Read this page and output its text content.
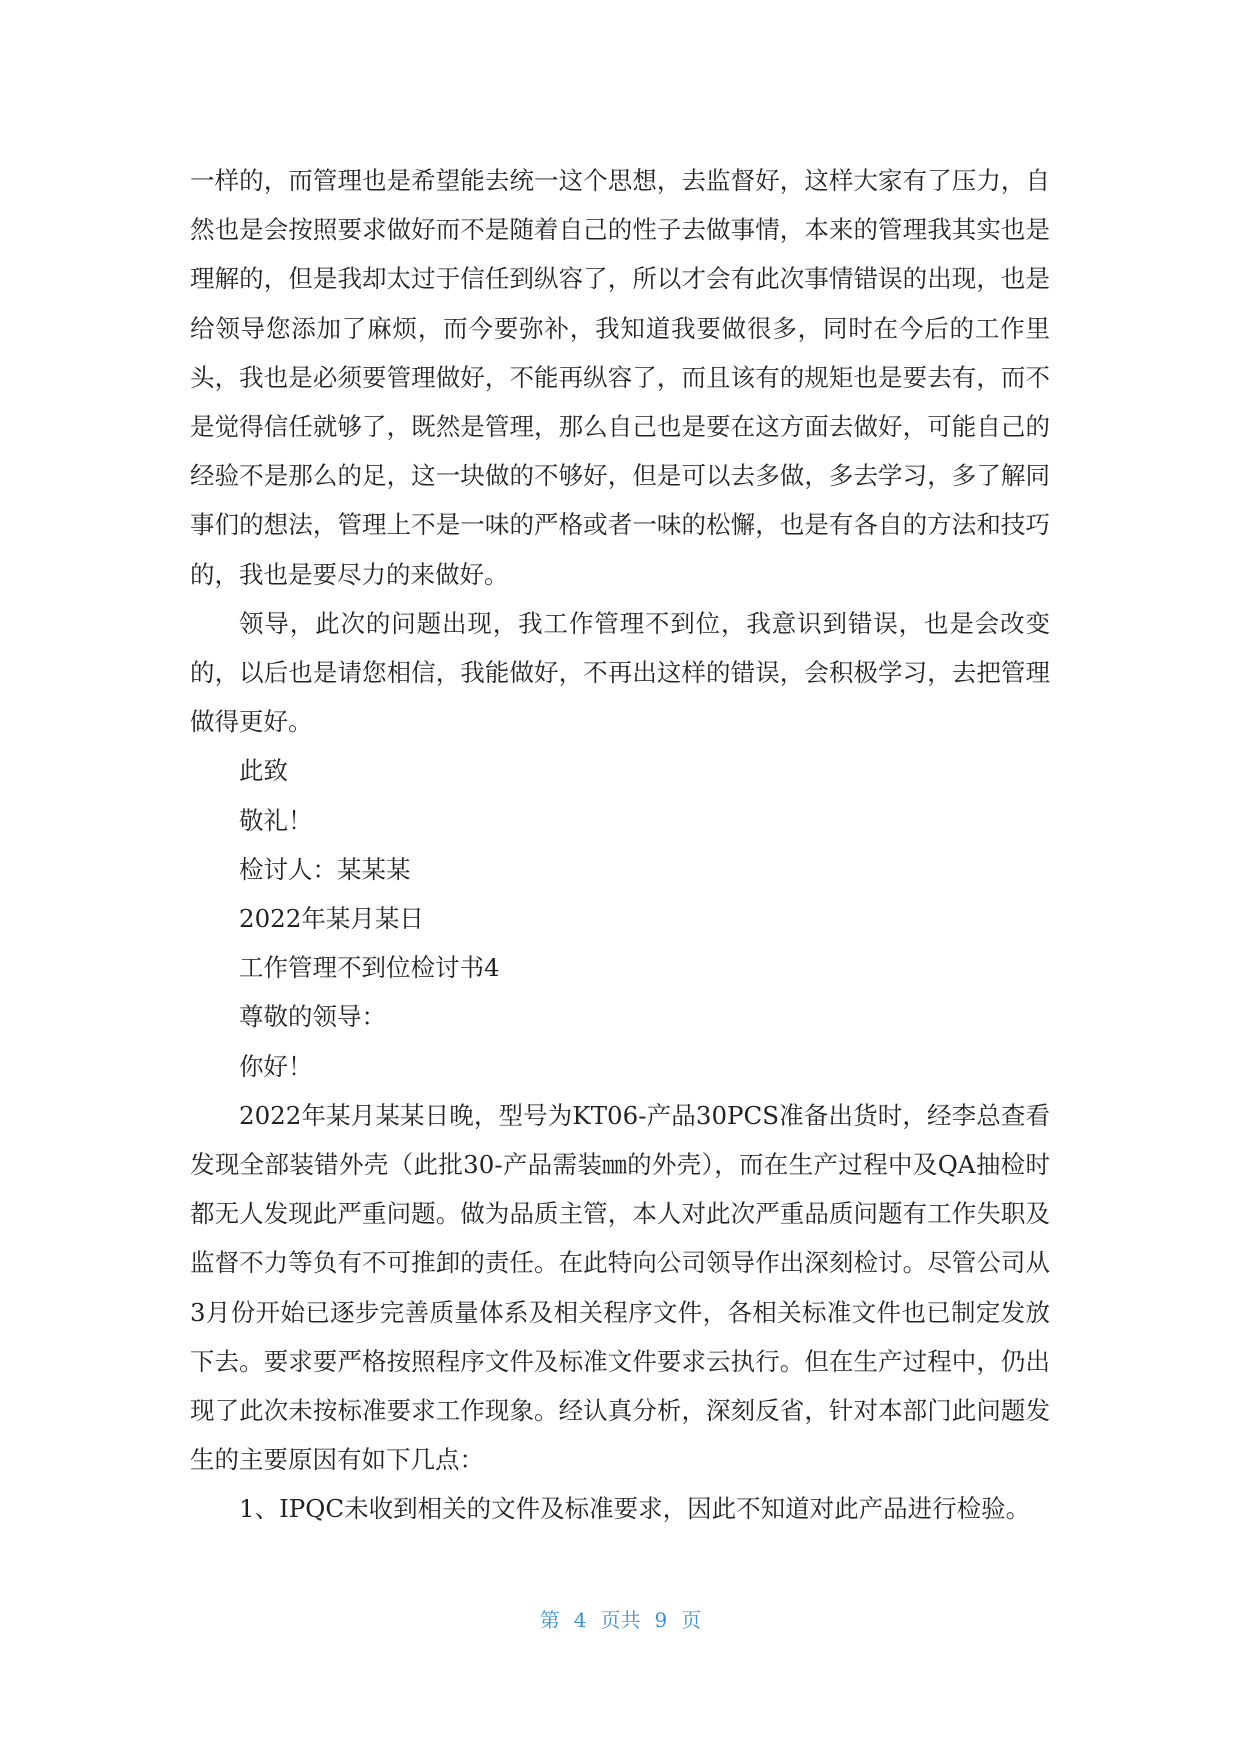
一样的，而管理也是希望能去统一这个思想，去监督好，这样大家有了压力，自然也是会按照要求做好而不是随着自己的性子去做事情，本来的管理我其实也是理解的，但是我却太过于信任到纵容了，所以才会有此次事情错误的出现，也是给领导您添加了麻烦，而今要弥补，我知道我要做很多，同时在今后的工作里头，我也是必须要管理做好，不能再纵容了，而且该有的规矩也是要去有，而不是觉得信任就够了，既然是管理，那么自己也是要在这方面去做好，可能自己的经验不是那么的足，这一块做的不够好，但是可以去多做，多去学习，多了解同事们的想法，管理上不是一味的严格或者一味的松懈，也是有各自的方法和技巧的，我也是要尽力的来做好。

领导，此次的问题出现，我工作管理不到位，我意识到错误，也是会改变的，以后也是请您相信，我能做好，不再出这样的错误，会积极学习，去把管理做得更好。

此致

敬礼！

检讨人：某某某

2022年某月某日

工作管理不到位检讨书4

尊敬的领导：

你好！

2022年某月某某日晚，型号为KT06-产品30PCS准备出货时，经李总查看发现全部装错外壳（此批30-产品需装㎜的外壳），而在生产过程中及QA抽检时都无人发现此严重问题。做为品质主管，本人对此次严重品质问题有工作失职及监督不力等负有不可推卸的责任。在此特向公司领导作出深刻检讨。尽管公司从3月份开始已逐步完善质量体系及相关程序文件，各相关标准文件也已制定发放下去。要求要严格按照程序文件及标准文件要求云执行。但在生产过程中，仍出现了此次未按标准要求工作现象。经认真分析，深刻反省，针对本部门此问题发生的主要原因有如下几点：

1、IPQC未收到相关的文件及标准要求，因此不知道对此产品进行检验。

第 4 页共 9 页
